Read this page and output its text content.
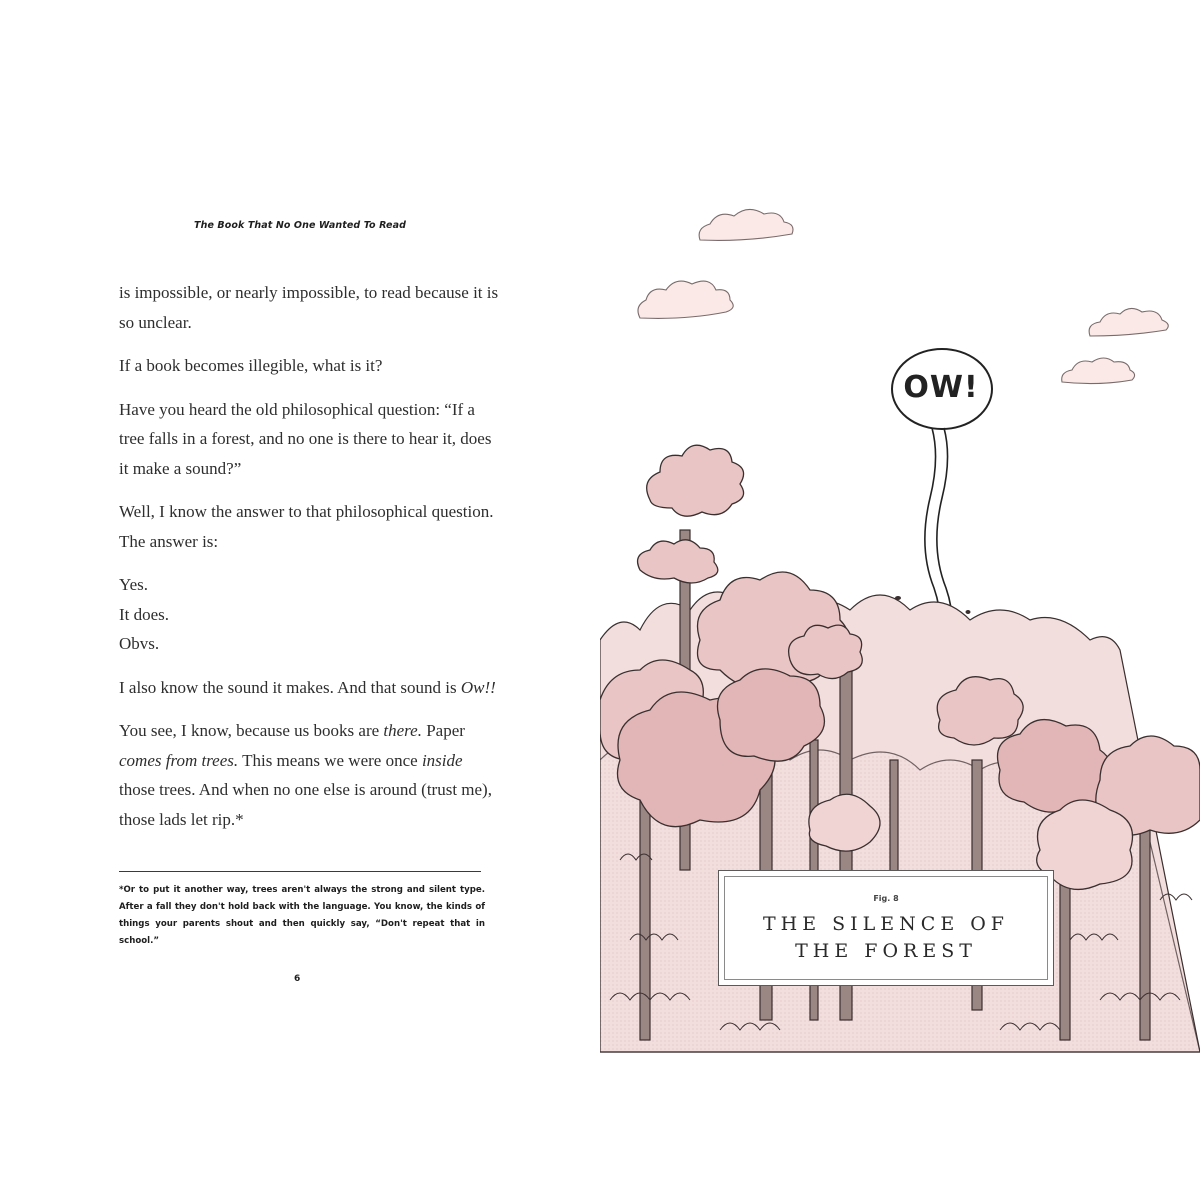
The Book That No One Wanted To Read

is impossible, or nearly impossible, to read because it is so unclear.

If a book becomes illegible, what is it?

Have you heard the old philosophical question: “If a tree falls in a forest, and no one is there to hear it, does it make a sound?”

Well, I know the answer to that philosophical question. The answer is:

Yes.
It does.
Obvs.

I also know the sound it makes. And that sound is Ow!!

You see, I know, because us books are there. Paper comes from trees. This means we were once inside those trees. And when no one else is around (trust me), those lads let rip.*

*Or to put it another way, trees aren't always the strong and silent type. After a fall they don't hold back with the language. You know, the kinds of things your parents shout and then quickly say, “Don't repeat that in school.”
6
OW!
Fig. 8
THE SILENCE OF
THE FOREST
